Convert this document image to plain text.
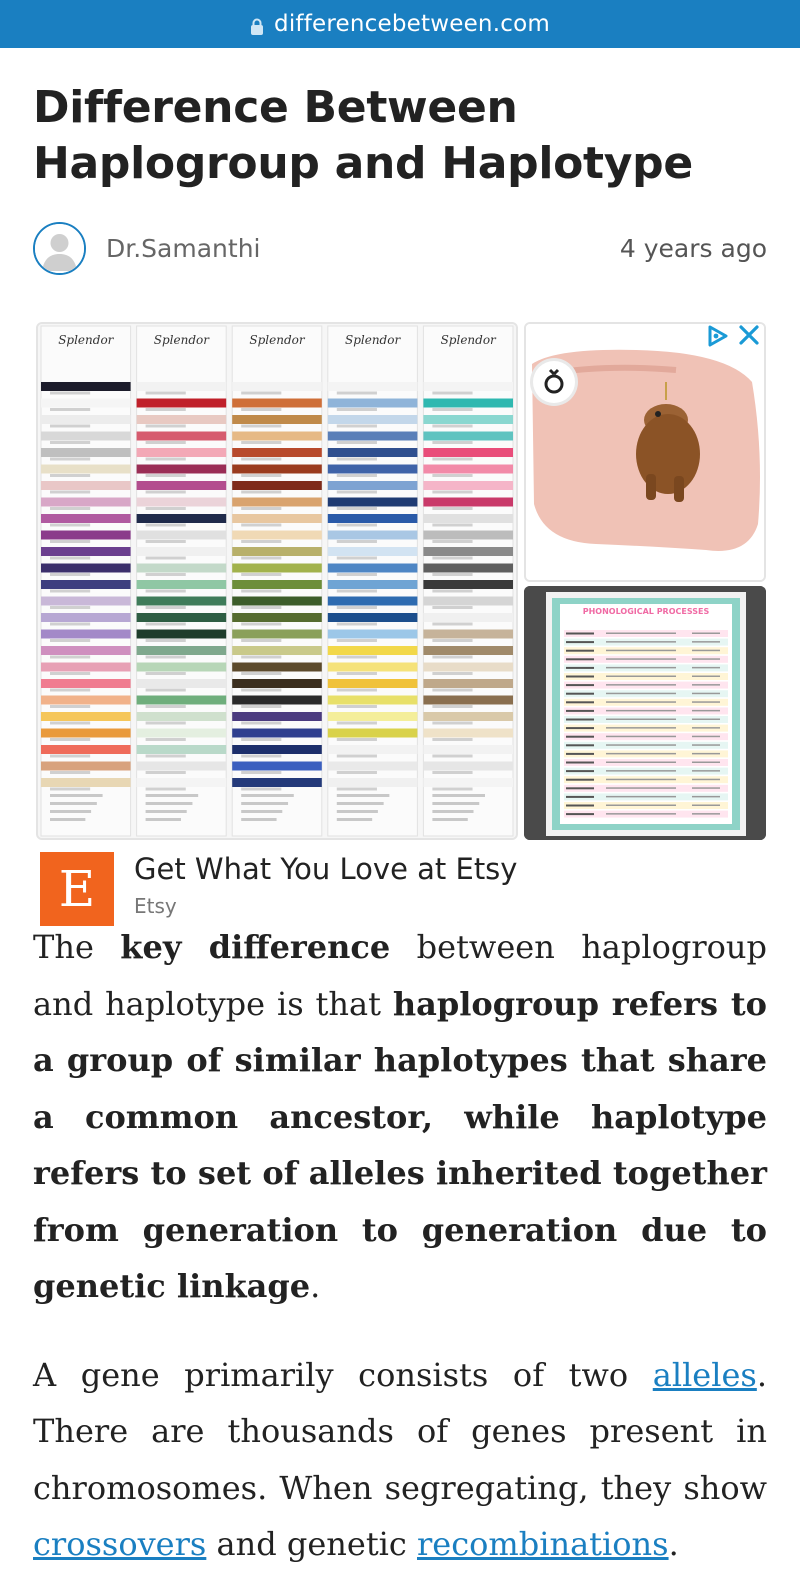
differencebetween.com
Difference Between Haplogroup and Haplotype
Dr.Samanthi	4 years ago
Splendor	Splendor	Splendor	Splendor	Splendor
PHONOLOGICAL PROCESSES
E	Get What You Love at Etsy
Etsy

The key difference between haplogroup and haplotype is that haplogroup refers to a group of similar haplotypes that share a common ancestor, while haplotype refers to set of alleles inherited together from generation to generation due to genetic linkage.

A gene primarily consists of two alleles. There are thousands of genes present in chromosomes. When segregating, they show crossovers and genetic recombinations.
